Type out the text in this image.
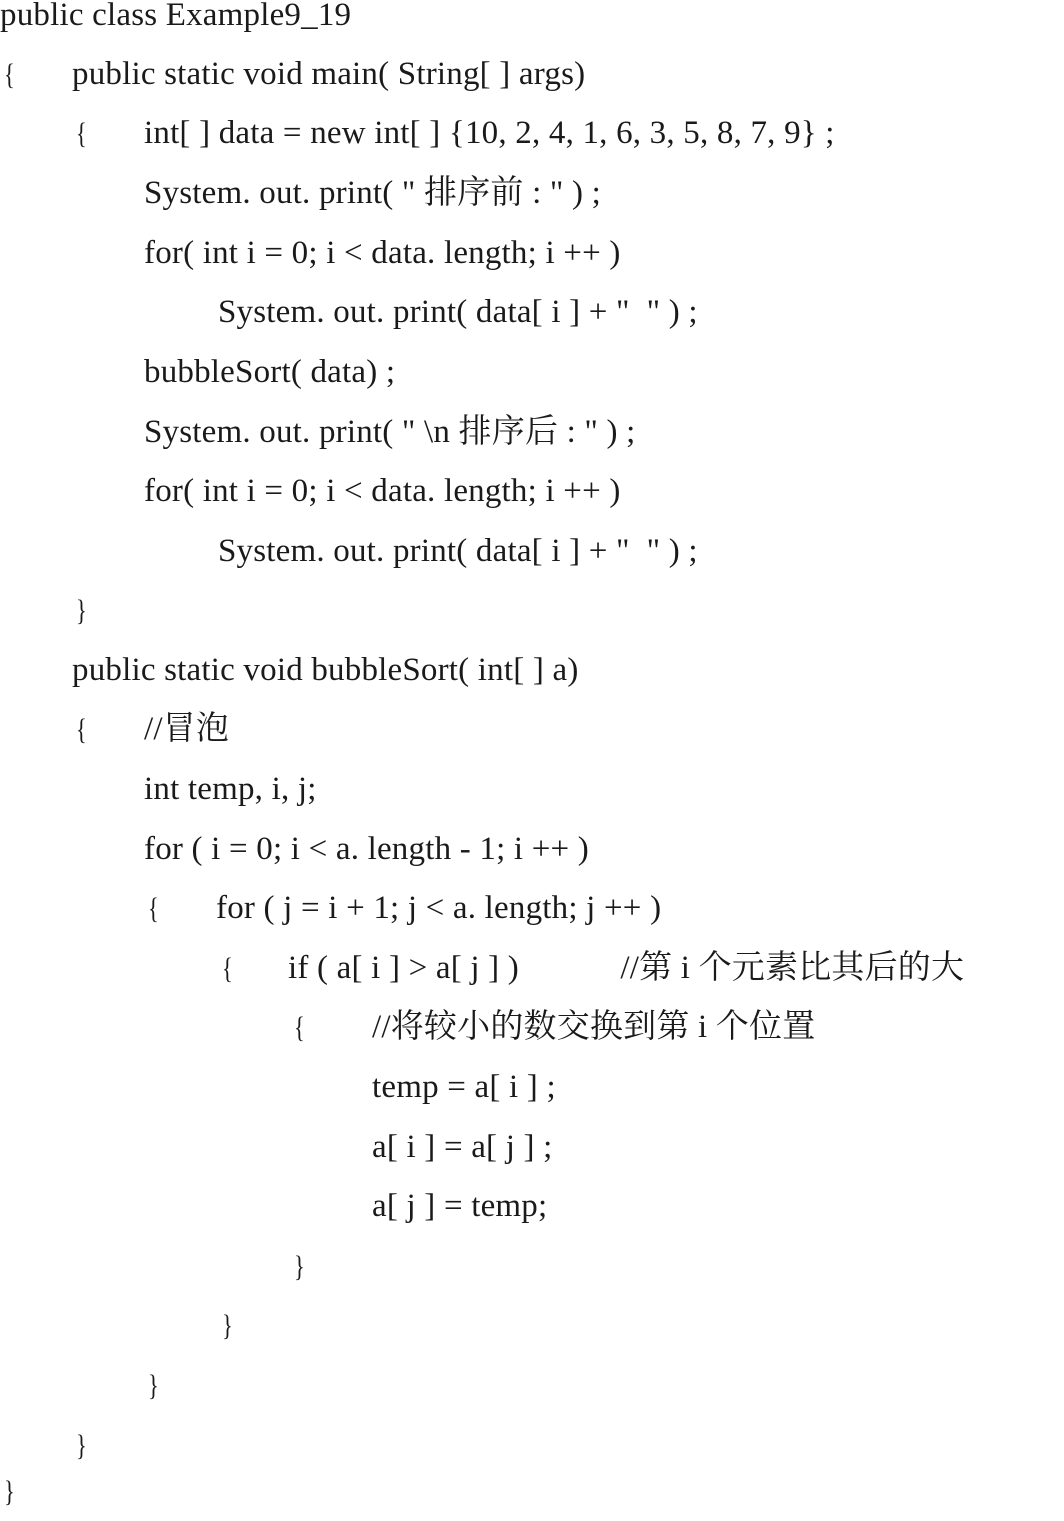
public class Example9_19

{

public static void main( String[ ] args)

{

int[ ] data = new int[ ] {10, 2, 4, 1, 6, 3, 5, 8, 7, 9} ;

System. out. print( " 排序前 : " ) ;

for( int i = 0; i < data. length; i ++ )

System. out. print( data[ i ] + "  " ) ;

bubbleSort( data) ;

System. out. print( " \n 排序后 : " ) ;

for( int i = 0; i < data. length; i ++ )

System. out. print( data[ i ] + "  " ) ;

}

public static void bubbleSort( int[ ] a)

{

//冒泡

int temp, i, j;

for ( i = 0; i < a. length - 1; i ++ )

{

for ( j = i + 1; j < a. length; j ++ )

{

if ( a[ i ] > a[ j ] )            //第 i 个元素比其后的大

{

//将较小的数交换到第 i 个位置

temp = a[ i ] ;

a[ i ] = a[ j ] ;

a[ j ] = temp;

}

}

}

}

}
